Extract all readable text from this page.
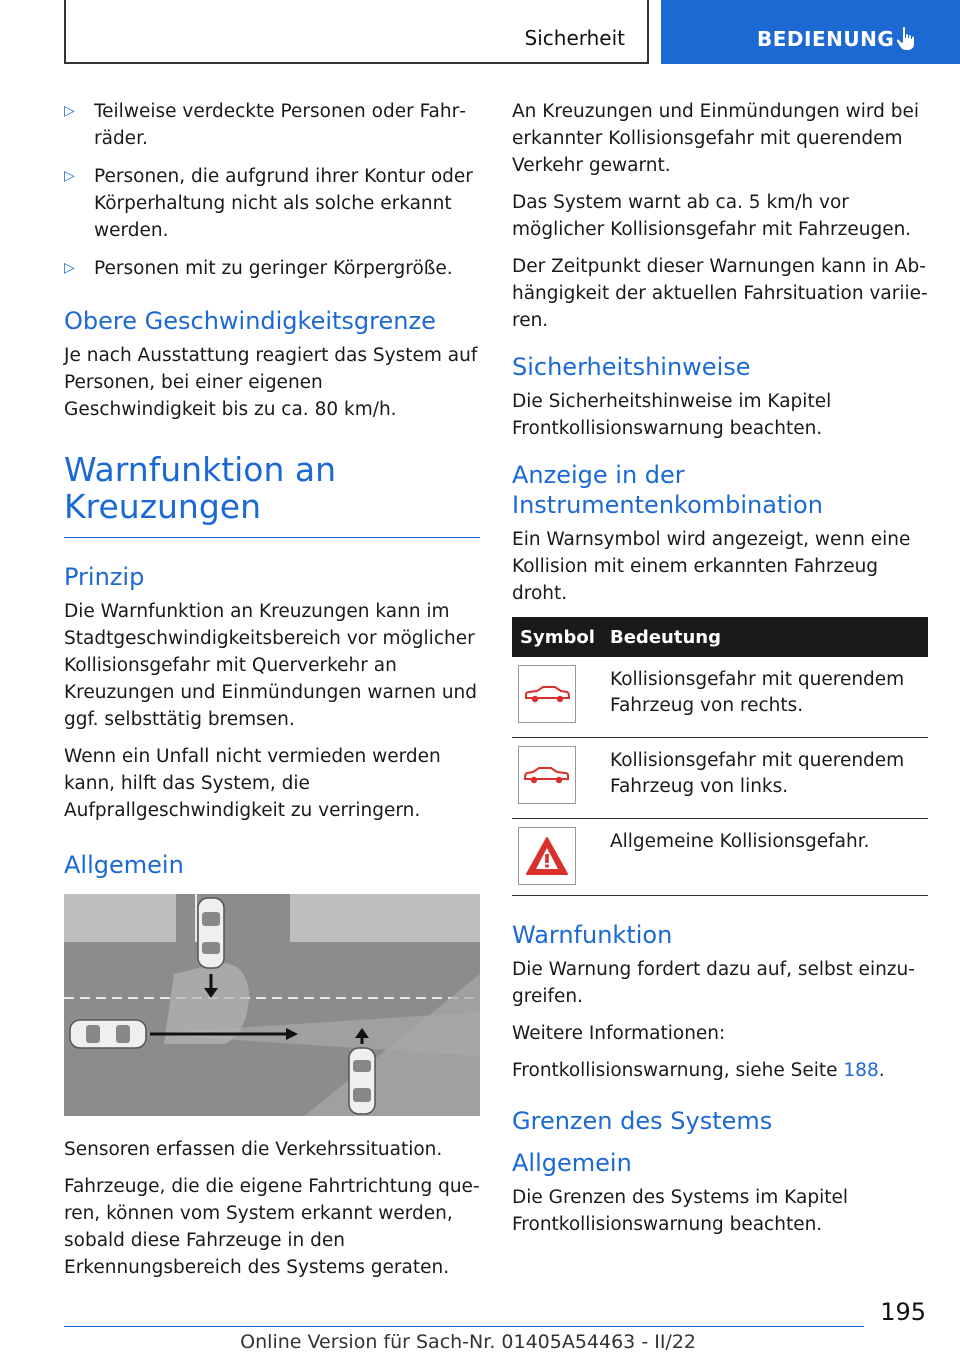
Sicherheit	BEDIENUNG
▷ Teilweise verdeckte Personen oder Fahrräder.
▷ Personen, die aufgrund ihrer Kontur oder Körperhaltung nicht als solche erkannt werden.
▷ Personen mit zu geringer Körpergröße.
Obere Geschwindigkeitsgrenze

Je nach Ausstattung reagiert das System auf Personen, bei einer eigenen Geschwindigkeit bis zu ca. 80 km/h.

Warnfunktion an Kreuzungen
Prinzip

Die Warnfunktion an Kreuzungen kann im Stadtgeschwindigkeitsbereich vor möglicher Kollisionsgefahr mit Querverkehr an Kreuzungen und Einmündungen warnen und ggf. selbsttätig bremsen.

Wenn ein Unfall nicht vermieden werden kann, hilft das System, die Aufprallgeschwindigkeit zu verringern.

Allgemein

Sensoren erfassen die Verkehrssituation.

Fahrzeuge, die die eigene Fahrtrichtung queren, können vom System erkannt werden, sobald diese Fahrzeuge in den Erkennungsbereich des Systems geraten.

An Kreuzungen und Einmündungen wird bei erkannter Kollisionsgefahr mit querendem Verkehr gewarnt.

Das System warnt ab ca. 5 km/h vor möglicher Kollisionsgefahr mit Fahrzeugen.

Der Zeitpunkt dieser Warnungen kann in Abhängigkeit der aktuellen Fahrsituation variieren.

Sicherheitshinweise

Die Sicherheitshinweise im Kapitel Frontkollisionswarnung beachten.

Anzeige in der Instrumentenkombination

Ein Warnsymbol wird angezeigt, wenn eine Kollision mit einem erkannten Fahrzeug droht.

Symbol	Bedeutung

	Kollisionsgefahr mit querendem Fahrzeug von rechts.

	Kollisionsgefahr mit querendem Fahrzeug von links.

	Allgemeine Kollisionsgefahr.
Warnfunktion

Die Warnung fordert dazu auf, selbst einzugreifen.

Weitere Informationen:

Frontkollisionswarnung, siehe Seite 188.

Grenzen des Systems
Allgemein

Die Grenzen des Systems im Kapitel Frontkollisionswarnung beachten.

195
Online Version für Sach-Nr. 01405A54463 - II/22
